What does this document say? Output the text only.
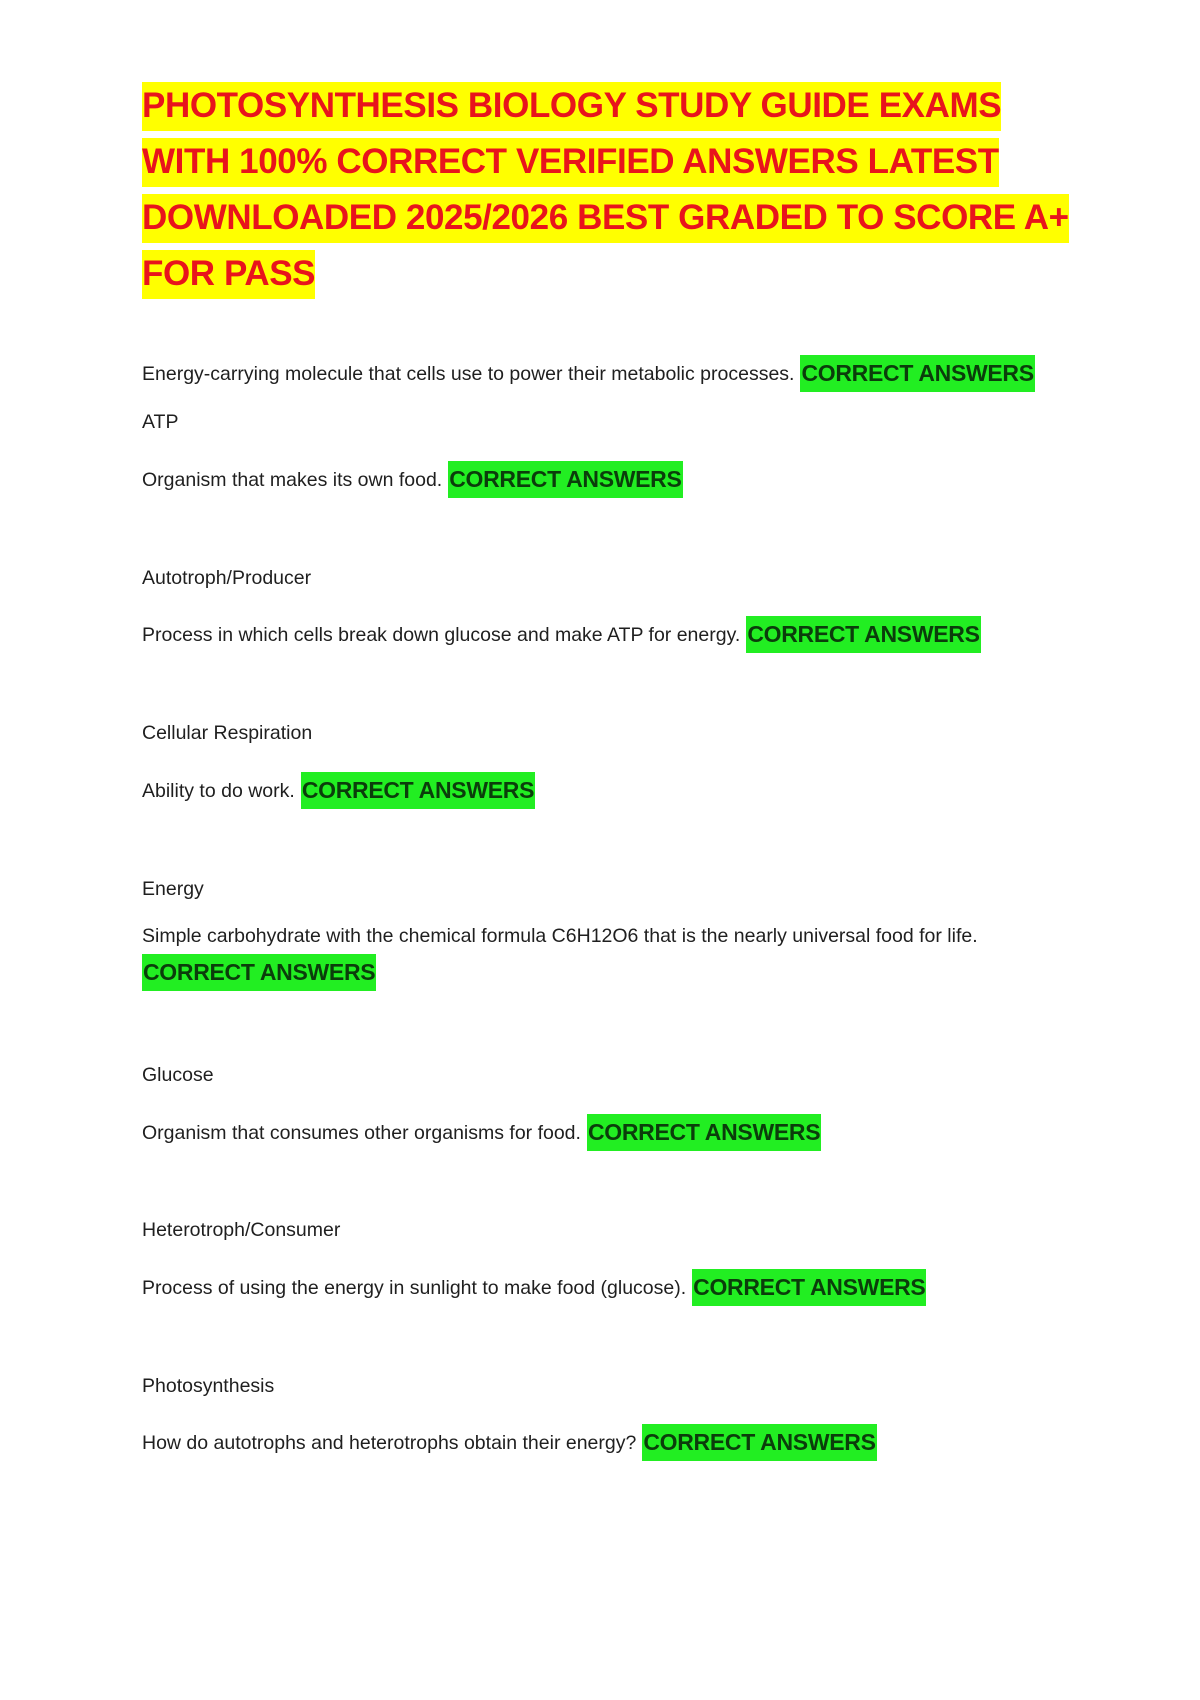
PHOTOSYNTHESIS BIOLOGY STUDY GUIDE EXAMS WITH 100% CORRECT VERIFIED ANSWERS LATEST DOWNLOADED 2025/2026 BEST GRADED TO SCORE A+ FOR PASS

Energy-carrying molecule that cells use to power their metabolic processes. CORRECT ANSWERS

ATP

Organism that makes its own food. CORRECT ANSWERS

Autotroph/Producer

Process in which cells break down glucose and make ATP for energy. CORRECT ANSWERS

Cellular Respiration

Ability to do work. CORRECT ANSWERS

Energy

Simple carbohydrate with the chemical formula C6H12O6 that is the nearly universal food for life.
CORRECT ANSWERS

Glucose

Organism that consumes other organisms for food. CORRECT ANSWERS

Heterotroph/Consumer

Process of using the energy in sunlight to make food (glucose). CORRECT ANSWERS

Photosynthesis

How do autotrophs and heterotrophs obtain their energy? CORRECT ANSWERS
